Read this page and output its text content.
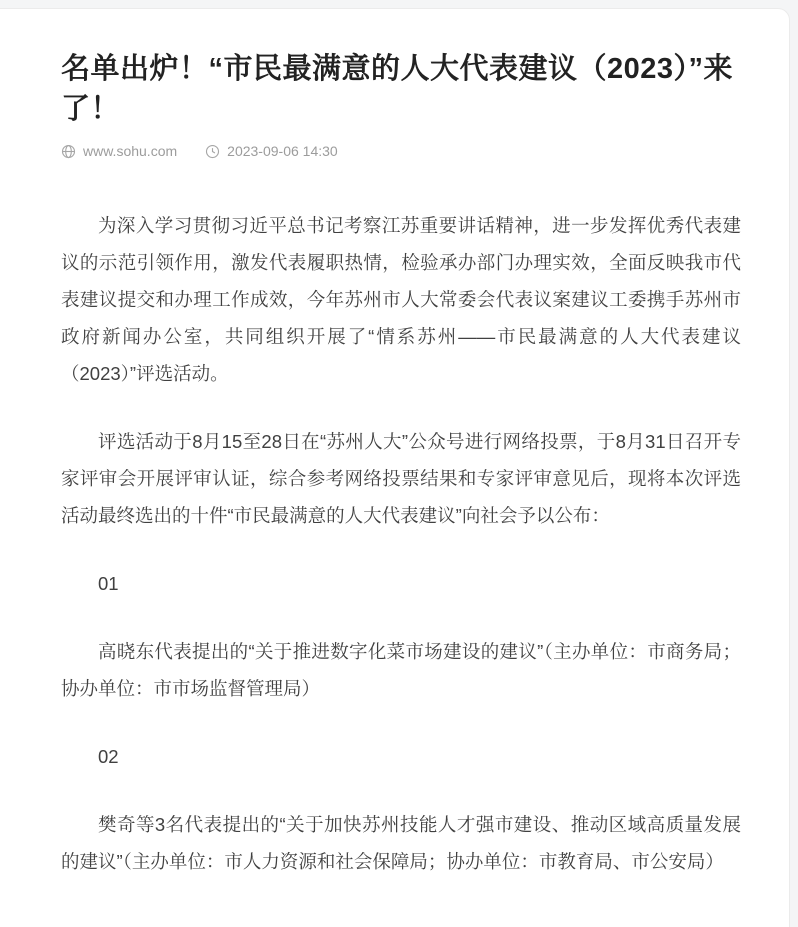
名单出炉！“市民最满意的人大代表建议（2023）”来了！
www.sohu.com	2023-09-06 14:30

为深入学习贯彻习近平总书记考察江苏重要讲话精神，进一步发挥优秀代表建议的示范引领作用，激发代表履职热情，检验承办部门办理实效，全面反映我市代表建议提交和办理工作成效，今年苏州市人大常委会代表议案建议工委携手苏州市政府新闻办公室，共同组织开展了“情系苏州——市民最满意的人大代表建议（2023）”评选活动。

评选活动于8月15至28日在“苏州人大”公众号进行网络投票，于8月31日召开专家评审会开展评审认证，综合参考网络投票结果和专家评审意见后，现将本次评选活动最终选出的十件“市民最满意的人大代表建议”向社会予以公布：

01

高晓东代表提出的“关于推进数字化菜市场建设的建议”（主办单位：市商务局；协办单位：市市场监督管理局）

02

樊奇等3名代表提出的“关于加快苏州技能人才强市建设、推动区域高质量发展的建议”（主办单位：市人力资源和社会保障局；协办单位：市教育局、市公安局）
